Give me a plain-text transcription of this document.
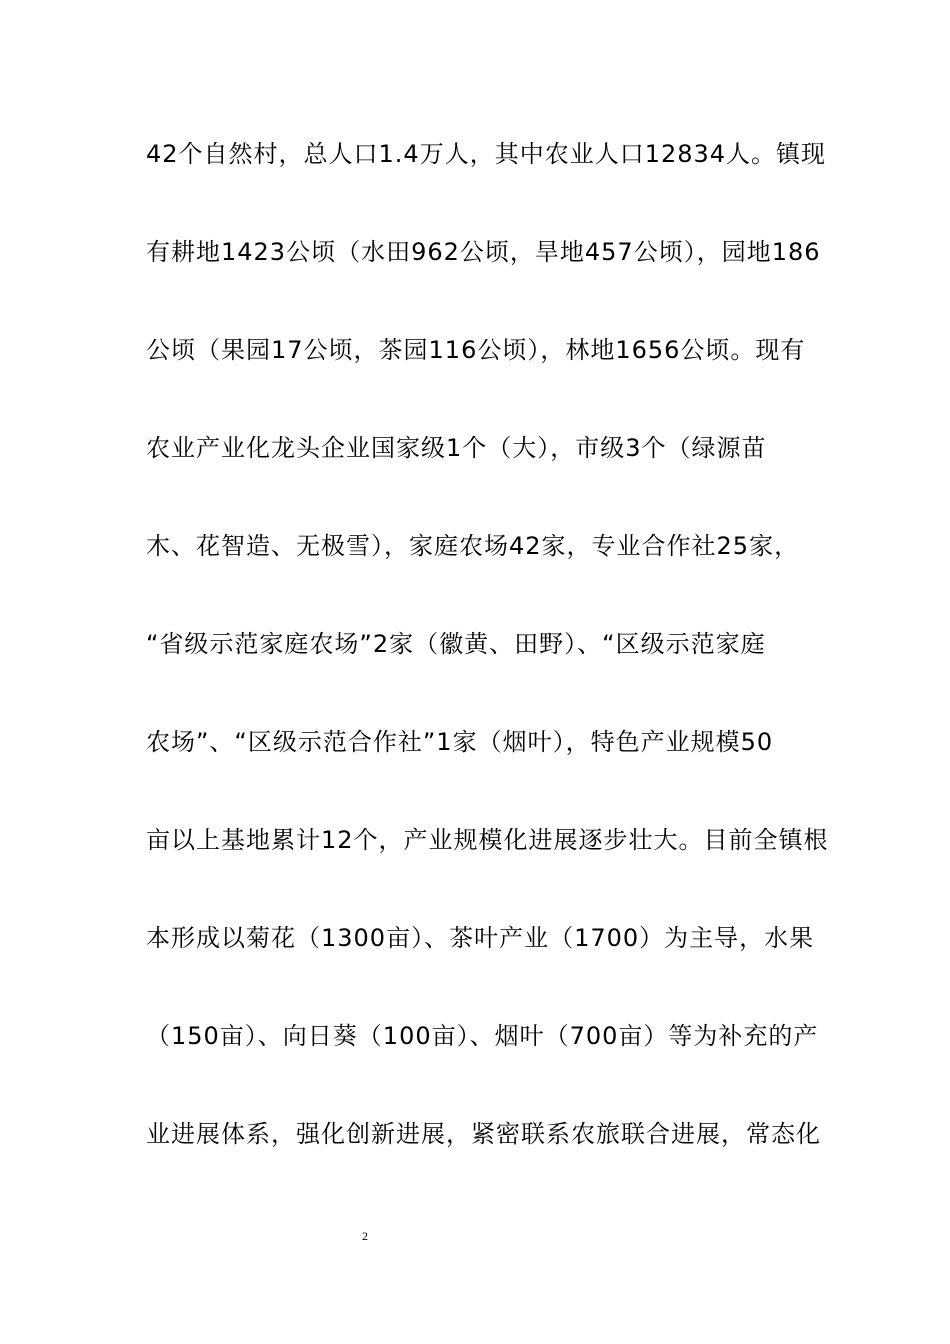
42个自然村，总人口1.4万人，其中农业人口12834人。镇现
有耕地1423公顷（水田962公顷，旱地457公顷），园地186
公顷（果园17公顷，茶园116公顷），林地1656公顷。现有
农业产业化龙头企业国家级1个（大），市级3个（绿源苗
木、花智造、无极雪），家庭农场42家，专业合作社25家，
“省级示范家庭农场”2家（徽黄、田野）、“区级示范家庭
农场”、“区级示范合作社”1家（烟叶），特色产业规模50
亩以上基地累计12个，产业规模化进展逐步壮大。目前全镇根
本形成以菊花（1300亩）、茶叶产业（1700）为主导，水果
（150亩）、向日葵（100亩）、烟叶（700亩）等为补充的产
业进展体系，强化创新进展，紧密联系农旅联合进展，常态化
2
